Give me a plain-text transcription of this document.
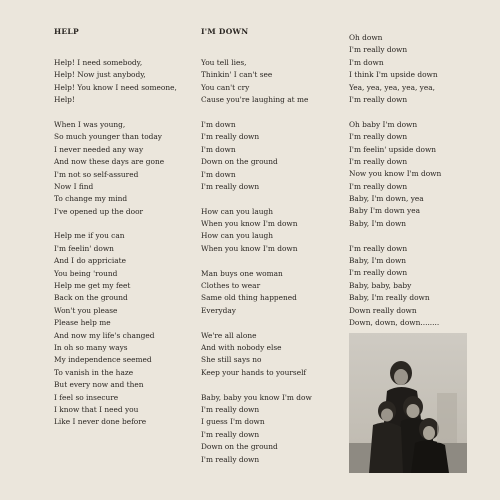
HELP
Help! I need somebody,
Help! Now just anybody,
Help! You know I need someone,
Help!
When I was young,
So much younger than today
I never needed any way
And now these days are gone
I'm not so self-assured
Now I find
To change my mind
I've opened up the door
Help me if you can
I'm feelin' down
And I do appriciate
You being 'round
Help me get my feet
Back on the ground
Won't you please
Please help me
And now my life's changed
In oh so many ways
My independence seemed
To vanish in the haze
But every now and then
I feel so insecure
I know that I need you
Like I never done before
I'M DOWN
You tell lies,
Thinkin' I can't see
You can't cry
Cause you're laughing at me
I'm down
I'm really down
I'm down
Down on the ground
I'm down
I'm really down
How can you laugh
When you know I'm down
How can you laugh
When you know I'm down
Man buys one woman
Clothes to wear
Same old thing happened
Everyday
We're all alone
And with nobody else
She still says no
Keep your hands to yourself
Baby, baby you know I'm dow
I'm really down
I guess I'm down
I'm really down
Down on the ground
I'm really down
Oh down
I'm really down
I'm down
I think I'm upside down
Yea, yea, yea, yea, yea,
I'm really down
Oh baby I'm down
I'm really down
I'm feelin' upside down
I'm really down
Now you know I'm down
I'm really down
Baby, I'm down, yea
Baby I'm down yea
Baby, I'm down
I'm really down
Baby, I'm down
I'm really down
Baby, baby, baby
Baby, I'm really down
Down really down
Down, down, down........
